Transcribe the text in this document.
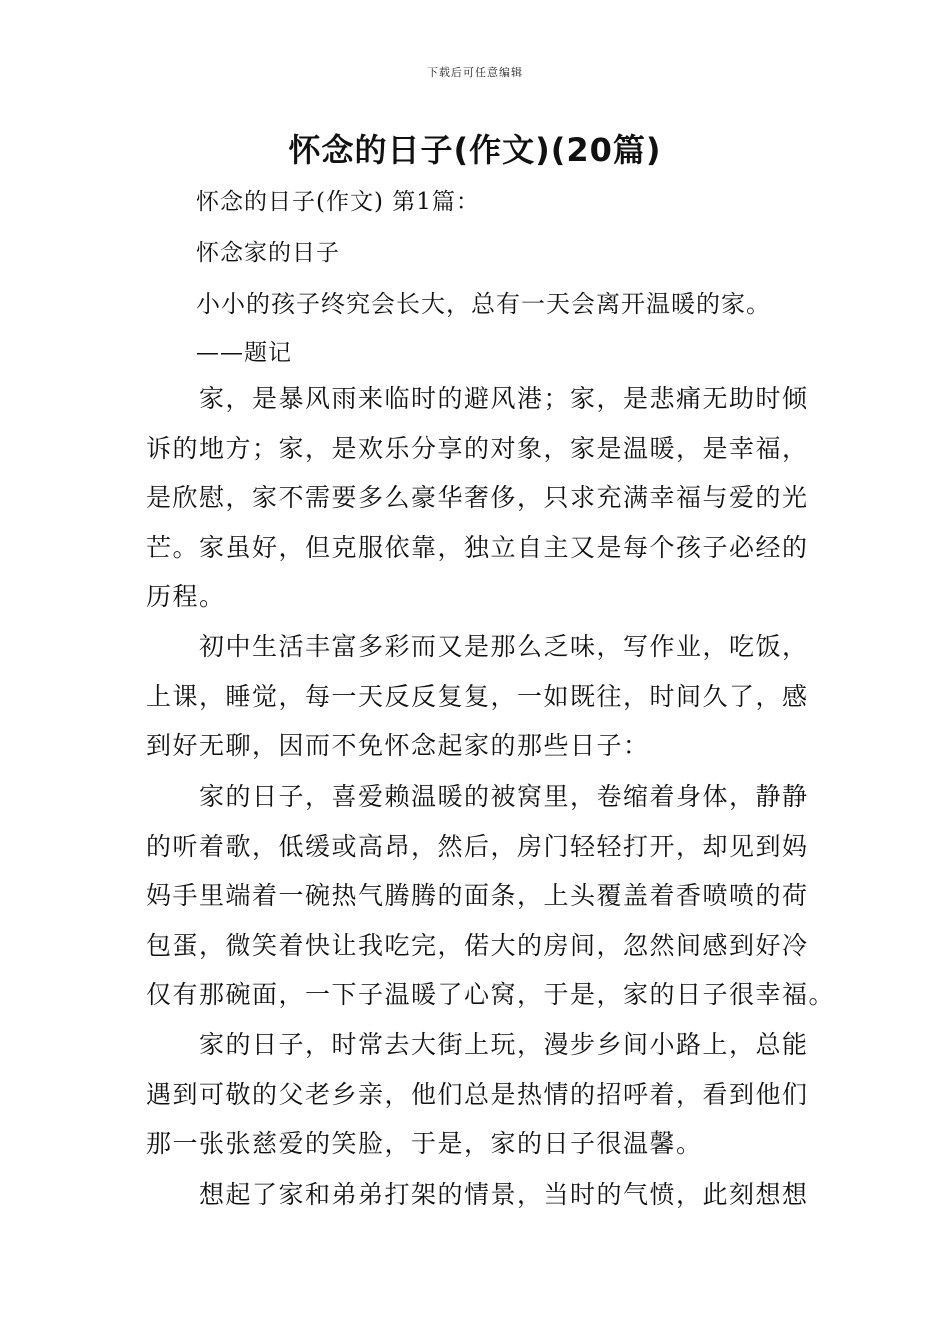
下载后可任意编辑
怀念的日子(作文)(20篇)
怀念的日子(作文) 第1篇：
怀念家的日子
小小的孩子终究会长大，总有一天会离开温暖的家。
——题记
家，是暴风雨来临时的避风港；家，是悲痛无助时倾
诉的地方；家，是欢乐分享的对象，家是温暖，是幸福，
是欣慰，家不需要多么豪华奢侈，只求充满幸福与爱的光
芒。家虽好，但克服依靠，独立自主又是每个孩子必经的
历程。
初中生活丰富多彩而又是那么乏味，写作业，吃饭，
上课，睡觉，每一天反反复复，一如既往，时间久了，感
到好无聊，因而不免怀念起家的那些日子：
家的日子，喜爱赖温暖的被窝里，卷缩着身体，静静
的听着歌，低缓或高昂，然后，房门轻轻打开，却见到妈
妈手里端着一碗热气腾腾的面条，上头覆盖着香喷喷的荷
包蛋，微笑着快让我吃完，偌大的房间，忽然间感到好冷
仅有那碗面，一下子温暖了心窝，于是，家的日子很幸福。
家的日子，时常去大街上玩，漫步乡间小路上，总能
遇到可敬的父老乡亲，他们总是热情的招呼着，看到他们
那一张张慈爱的笑脸，于是，家的日子很温馨。
想起了家和弟弟打架的情景，当时的气愤，此刻想想
